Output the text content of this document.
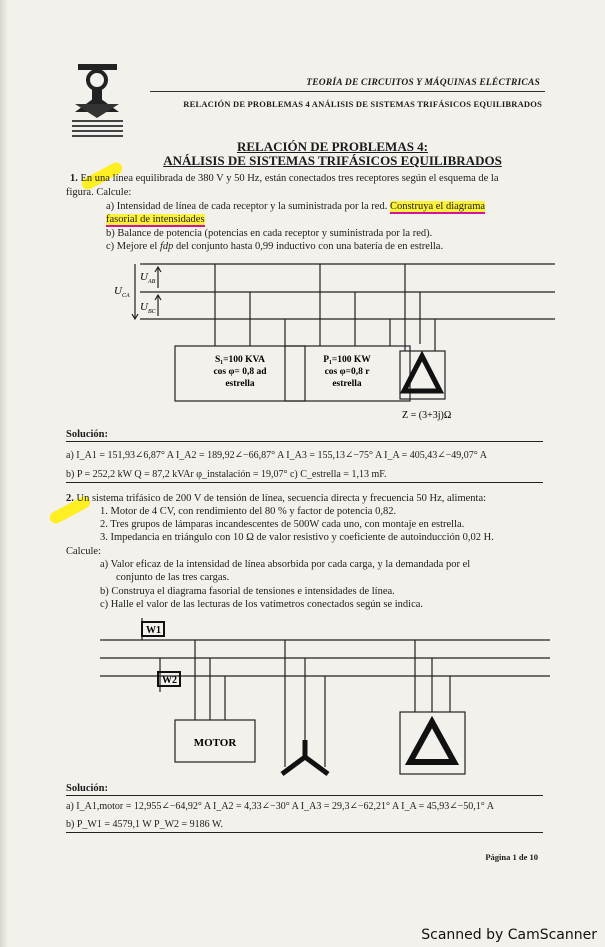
TEORÍA DE CIRCUITOS Y MÁQUINAS ELÉCTRICAS
RELACIÓN DE PROBLEMAS 4 ANÁLISIS DE SISTEMAS TRIFÁSICOS EQUILIBRADOS
RELACIÓN DE PROBLEMAS 4:
ANÁLISIS DE SISTEMAS TRIFÁSICOS EQUILIBRADOS
1. En una línea equilibrada de 380 V y 50 Hz, están conectados tres receptores según el esquema de la
figura. Calcule:
a) Intensidad de línea de cada receptor y la suministrada por la red. Construya el diagrama
fasorial de intensidades
b) Balance de potencia (potencias en cada receptor y suministrada por la red).
c) Mejore el fdp del conjunto hasta 0,99 inductivo con una batería de en estrella.
$U_{AB}$
$U_{BC}$
$U_{CA}$
S₁=100 KVA
cos φ= 0,8 ad
estrella
P₁=100 KW
cos φ=0,8 r
estrella
Z = (3+3j)Ω
Solución:
a) I_A1 = 151,93∠6,87° A I_A2 = 189,92∠−66,87° A I_A3 = 155,13∠−75° A I_A = 405,43∠−49,07° A
b) P = 252,2 kW Q = 87,2 kVAr φ_instalación = 19,07° c) C_estrella = 1,13 mF.
2. Un sistema trifásico de 200 V de tensión de línea, secuencia directa y frecuencia 50 Hz, alimenta:
1. Motor de 4 CV, con rendimiento del 80 % y factor de potencia 0,82.
2. Tres grupos de lámparas incandescentes de 500W cada uno, con montaje en estrella.
3. Impedancia en triángulo con 10 Ω de valor resistivo y coeficiente de autoinducción 0,02 H.
Calcule:
a) Valor eficaz de la intensidad de línea absorbida por cada carga, y la demandada por el
conjunto de las tres cargas.
b) Construya el diagrama fasorial de tensiones e intensidades de línea.
c) Halle el valor de las lecturas de los vatímetros conectados según se indica.
W1
W2
MOTOR
Solución:
a) I_A1,motor = 12,955∠−64,92° A I_A2 = 4,33∠−30° A I_A3 = 29,3∠−62,21° A I_A = 45,93∠−50,1° A
b) P_W1 = 4579,1 W P_W2 = 9186 W.
Página 1 de 10
Scanned by CamScanner
